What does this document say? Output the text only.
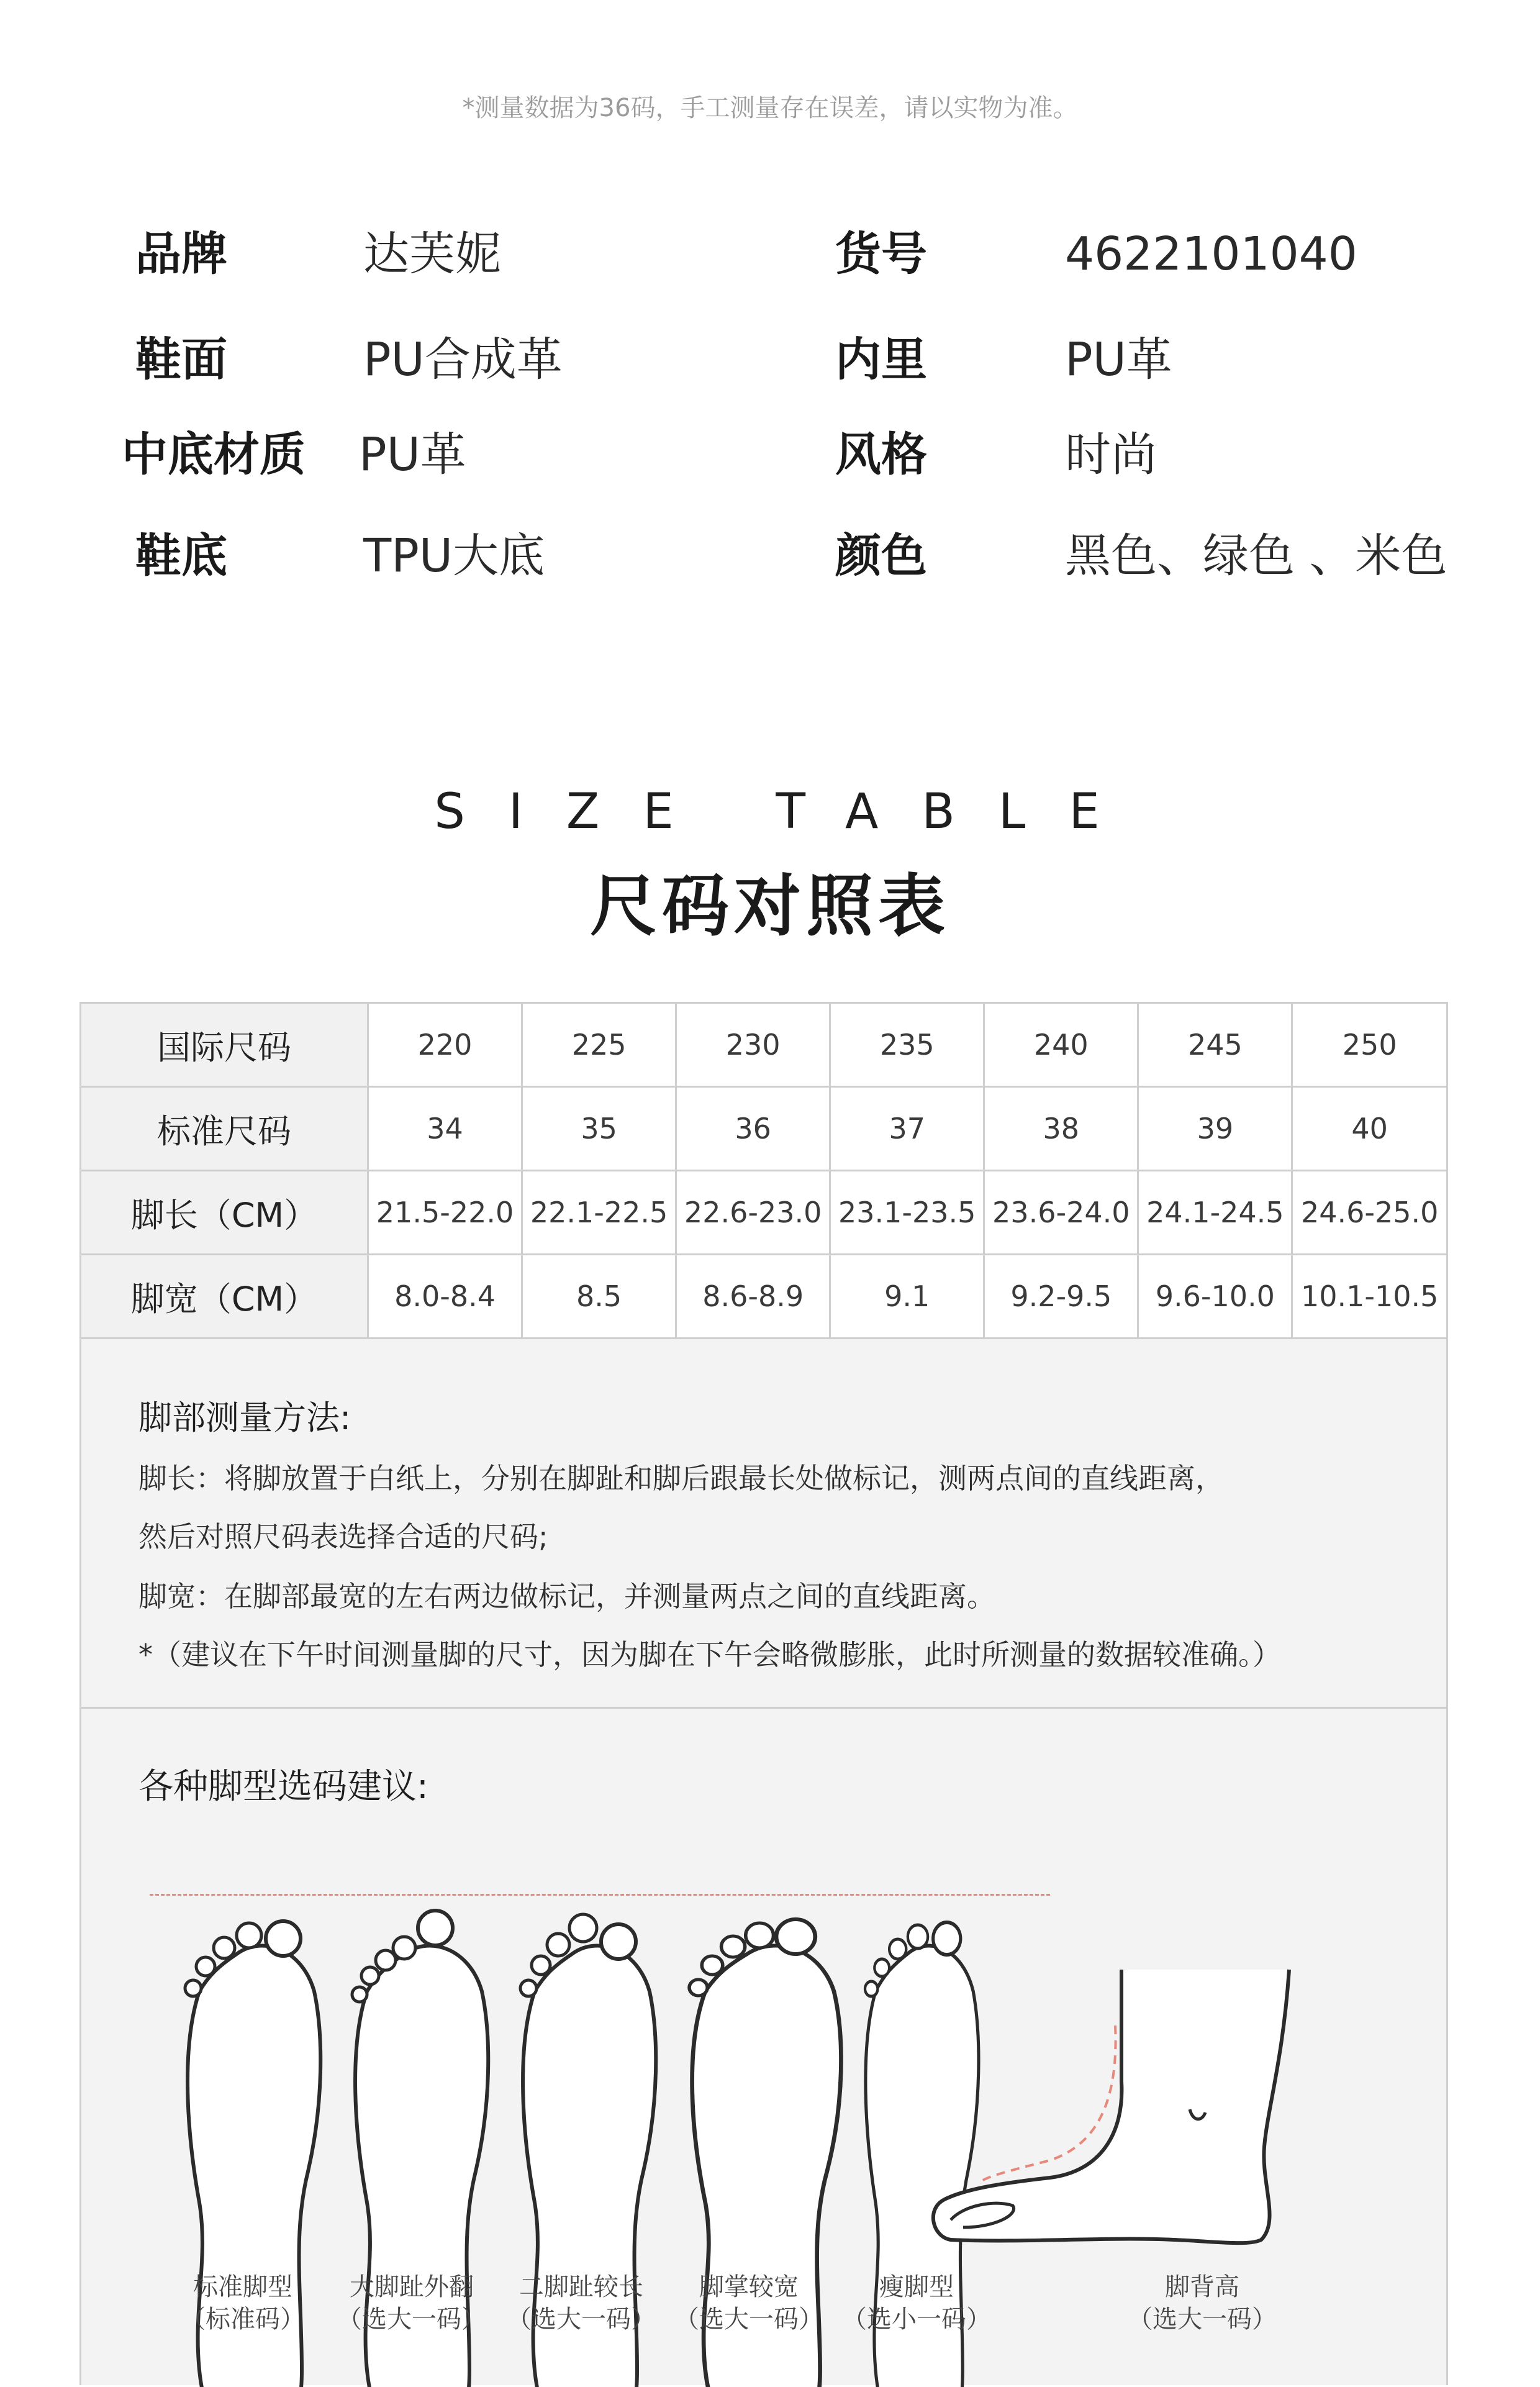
*测量数据为36码，手工测量存在误差，请以实物为准。
品牌	达芙妮	货号	4622101040
鞋面	PU合成革	内里	PU革
中底材质 PU革	风格	时尚
鞋底	TPU大底	颜色	黑色、绿色 、米色
SIZE TABLE
尺码对照表
国际尺码	220	225	230	235	240	245	250
标准尺码	34	35	36	37	38	39	40
脚长（CM）	21.5-22.0	22.1-22.5	22.6-23.0	23.1-23.5	23.6-24.0	24.1-24.5	24.6-25.0
脚宽（CM）	8.0-8.4	8.5	8.6-8.9	9.1	9.2-9.5	9.6-10.0	10.1-10.5
脚部测量方法:
脚长：将脚放置于白纸上，分别在脚趾和脚后跟最长处做标记，测两点间的直线距离，
然后对照尺码表选择合适的尺码;
脚宽：在脚部最宽的左右两边做标记，并测量两点之间的直线距离。
*（建议在下午时间测量脚的尺寸，因为脚在下午会略微膨胀，此时所测量的数据较准确。）
各种脚型选码建议:
标准脚型
（标准码）
大脚趾外翻
（选大一码）
二脚趾较长
（选大一码）
脚掌较宽
（选大一码）
瘦脚型
（选小一码）
脚背高
（选大一码）
